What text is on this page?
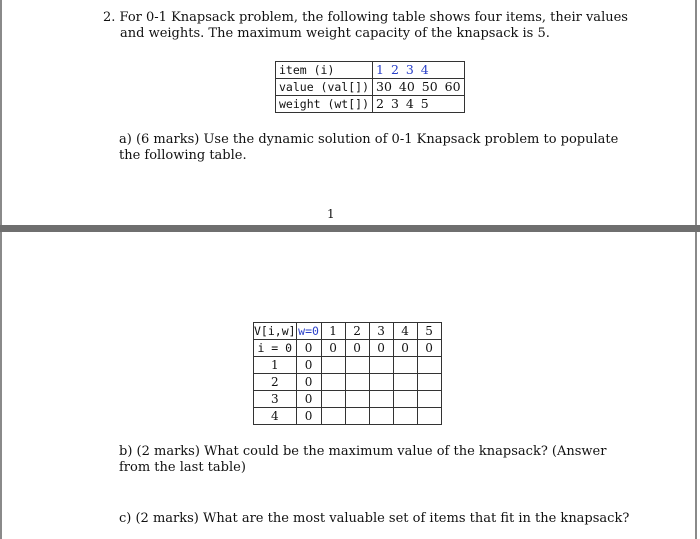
2. For 0-1 Knapsack problem, the following table shows four items, their values
and weights. The maximum weight capacity of the knapsack is 5.
item (i)	1 2 3 4
value (val[])	30 40 50 60
weight (wt[])	2 3 4 5
a) (6 marks) Use the dynamic solution of 0-1 Knapsack problem to populate
the following table.
1
V[i,w]	w=0	1	2	3	4	5
i = 0	0	0	0	0	0	0
1	0					
2	0					
3	0					
4	0					
b) (2 marks) What could be the maximum value of the knapsack? (Answer
from the last table)
c) (2 marks) What are the most valuable set of items that fit in the knapsack?
